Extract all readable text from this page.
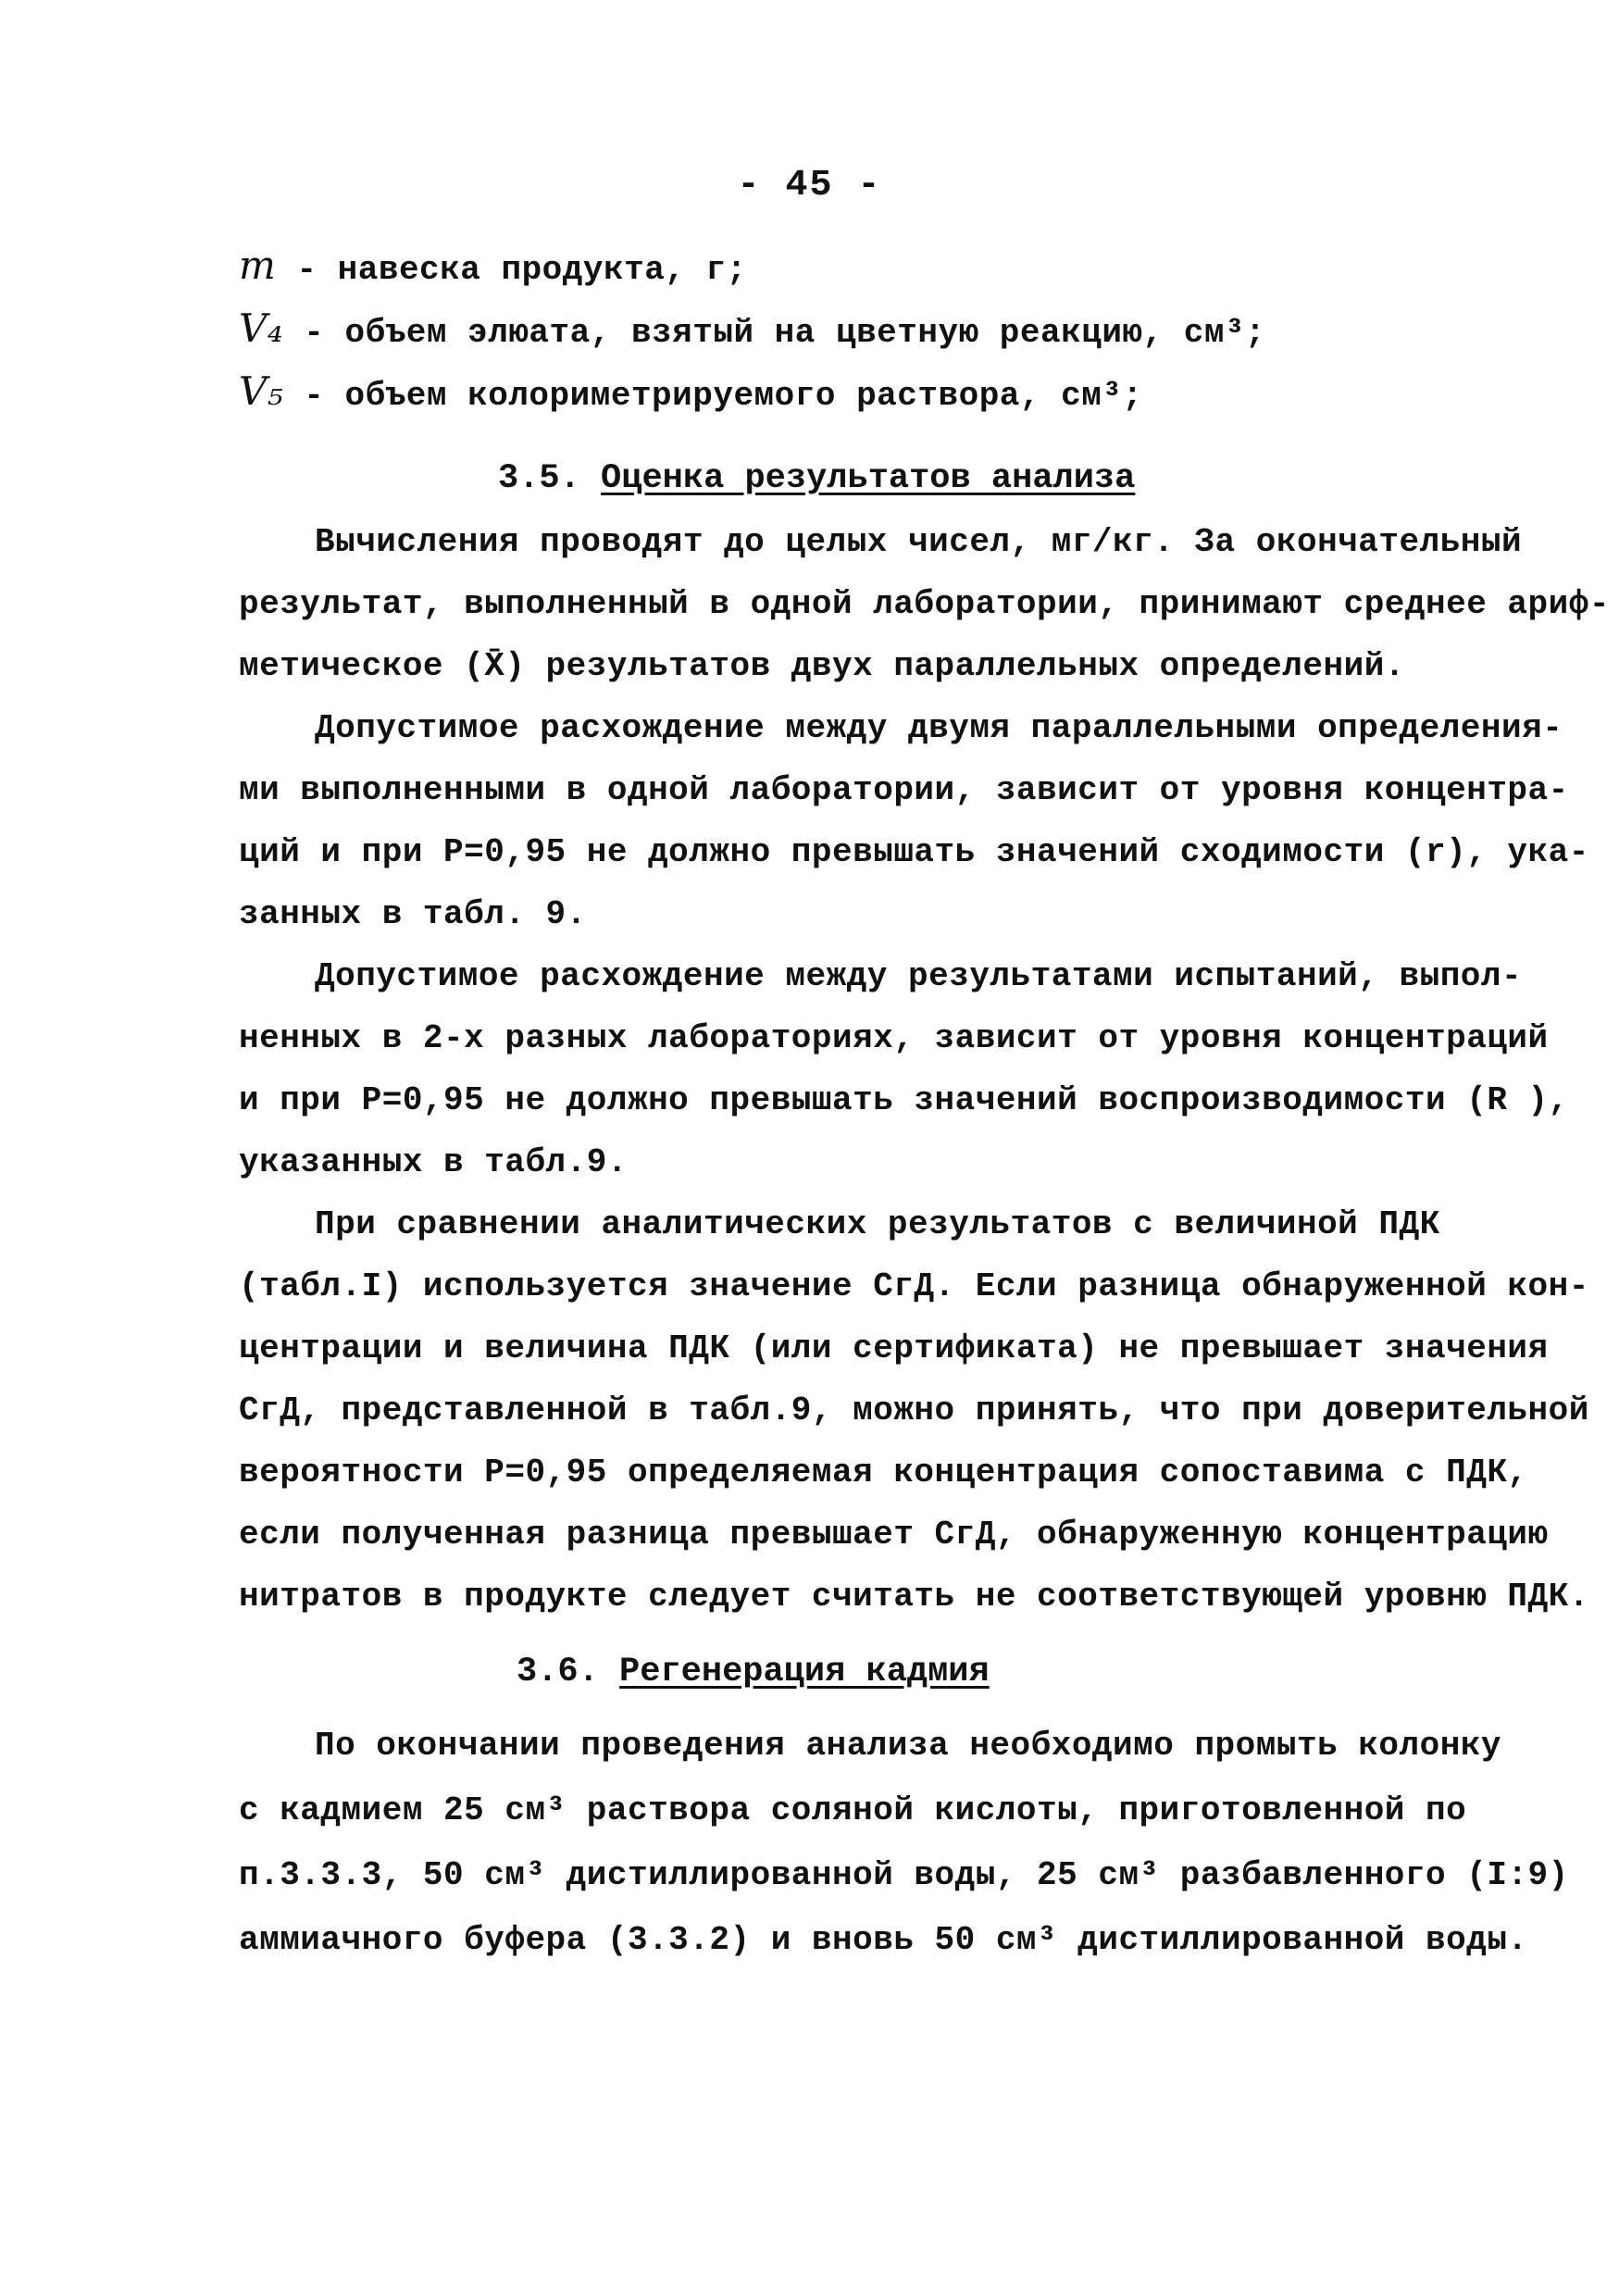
- 45 -
m - навеска продукта, г;
V₄ - объем элюата, взятый на цветную реакцию, см³;
V₅ - объем колориметрируемого раствора, см³;
3.5. Оценка результатов анализа
Вычисления проводят до целых чисел, мг/кг. За окончательный
результат, выполненный в одной лаборатории, принимают среднее ариф-
метическое (X̄) результатов двух параллельных определений.
Допустимое расхождение между двумя параллельными определения-
ми выполненными в одной лаборатории, зависит от уровня концентра-
ций и при P=0,95 не должно превышать значений сходимости (r), ука-
занных в табл. 9.
Допустимое расхождение между результатами испытаний, выпол-
ненных в 2-х разных лабораториях, зависит от уровня концентраций
и при P=0,95 не должно превышать значений воспроизводимости (R ),
указанных в табл.9.
При сравнении аналитических результатов с величиной ПДК
(табл.I) используется значение СгД. Если разница обнаруженной кон-
центрации и величина ПДК (или сертификата) не превышает значения
СгД, представленной в табл.9, можно принять, что при доверительной
вероятности P=0,95 определяемая концентрация сопоставима с ПДК,
если полученная разница превышает СгД, обнаруженную концентрацию
нитратов в продукте следует считать не соответствующей уровню ПДК.
3.6. Регенерация кадмия
По окончании проведения анализа необходимо промыть колонку
с кадмием 25 см³ раствора соляной кислоты, приготовленной по
п.3.3.3, 50 см³ дистиллированной воды, 25 см³ разбавленного (I:9)
аммиачного буфера (3.3.2) и вновь 50 см³ дистиллированной воды.
